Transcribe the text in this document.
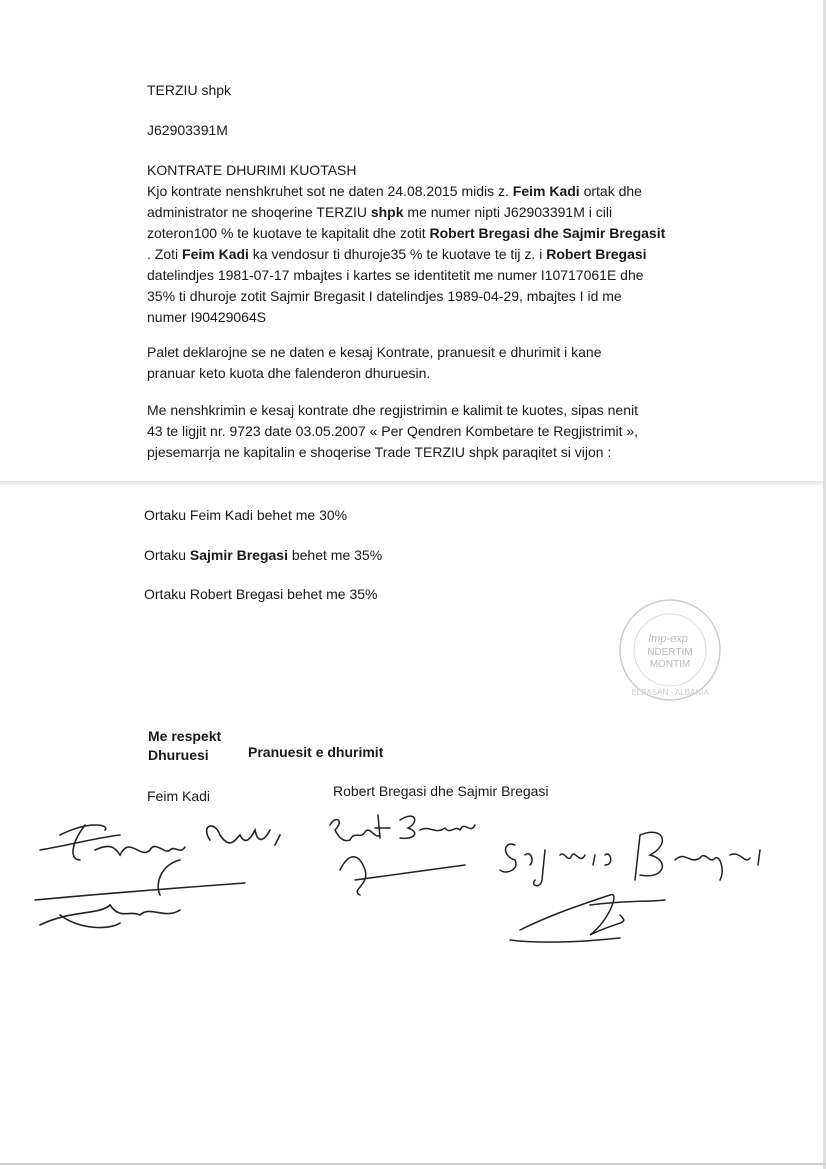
TERZIU shpk
J62903391M
KONTRATE DHURIMI KUOTASH
Kjo kontrate nenshkruhet sot ne daten 24.08.2015 midis z. Feim Kadi ortak dhe
administrator ne shoqerine TERZIU shpk me numer nipti J62903391M i cili
zoteron100 % te kuotave te kapitalit dhe zotit Robert Bregasi dhe Sajmir Bregasit
. Zoti Feim Kadi ka vendosur ti dhuroje35 % te kuotave te tij z. i Robert Bregasi
datelindjes 1981-07-17 mbajtes i kartes se identitetit me numer I10717061E dhe
35% ti dhuroje zotit Sajmir Bregasit I datelindjes 1989-04-29, mbajtes I id me
numer I90429064S
Palet deklarojne se ne daten e kesaj Kontrate, pranuesit e dhurimit i kane
pranuar keto kuota dhe falenderon dhuruesin.
Me nenshkrimin e kesaj kontrate dhe regjistrimin e kalimit te kuotes, sipas nenit
43 te ligjit nr. 9723 date 03.05.2007 « Per Qendren Kombetare te Regjistrimit »,
pjesemarrja ne kapitalin e shoqerise Trade TERZIU shpk paraqitet si vijon :
Ortaku Feim Kadi behet me 30%
Ortaku Sajmir Bregasi behet me 35%
Ortaku Robert Bregasi behet me 35%
Imp-exp
NDERTIM
MONTIM
ELBASAN - ALBANIA
Me respekt
Dhuruesi	Pranuesit e dhurimit
Feim Kadi	Robert Bregasi dhe Sajmir Bregasi
